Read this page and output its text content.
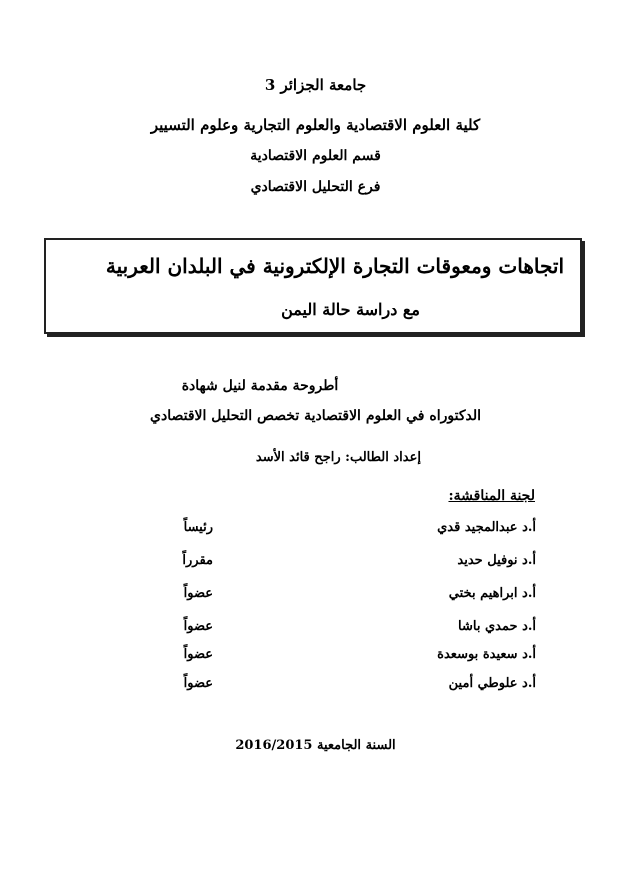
جامعة الجزائر 3
كلية العلوم الاقتصادية والعلوم التجارية وعلوم التسيير
قسم العلوم الاقتصادية
فرع التحليل الاقتصادي
اتجاهات ومعوقات التجارة الإلكترونية في البلدان العربية
مع دراسة حالة اليمن
أطروحة مقدمة لنيل شهادة
الدكتوراه في العلوم الاقتصادية تخصص التحليل الاقتصادي
إعداد الطالب: راجح قائد الأسد
لجنة المناقشة:
أ.د عبدالمجيد قدي
رئيساً
أ.د نوفيل حديد
مقرراً
أ.د ابراهيم بختي
عضواً
أ.د حمدي باشا
عضواً
أ.د سعيدة بوسعدة
عضواً
أ.د علوطي أمين
عضواً
السنة الجامعية 2016/2015
